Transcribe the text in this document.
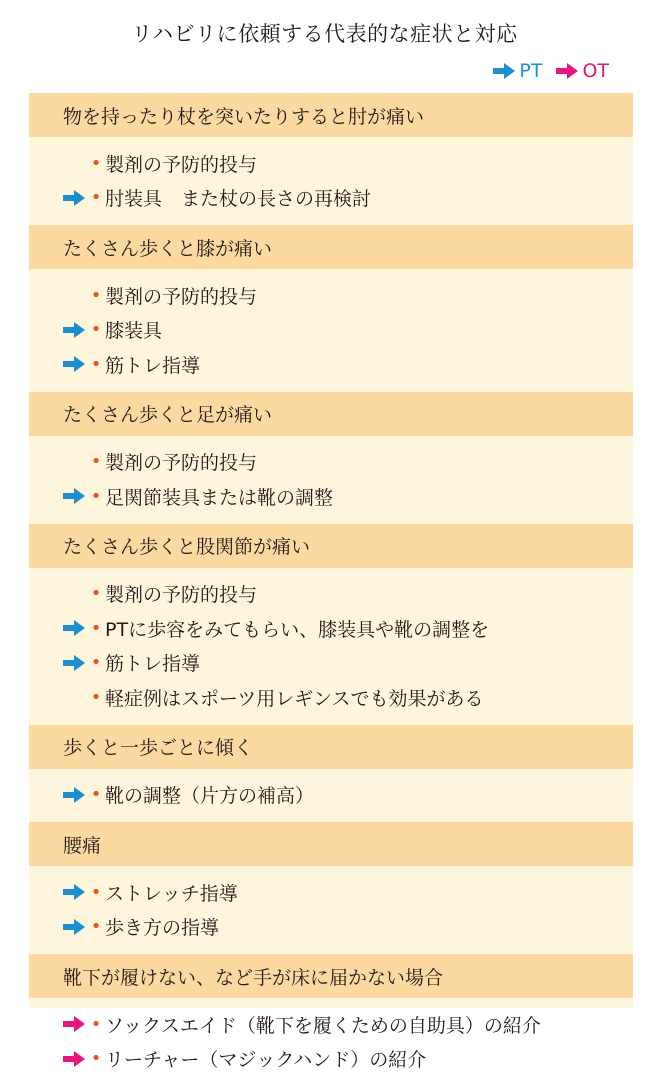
リハビリに依頼する代表的な症状と対応
PT OT
物を持ったり杖を突いたりすると肘が痛い
• 製剤の予防的投与
• 肘装具　また杖の長さの再検討
たくさん歩くと膝が痛い
• 製剤の予防的投与
• 膝装具
• 筋トレ指導
たくさん歩くと足が痛い
• 製剤の予防的投与
• 足関節装具または靴の調整
たくさん歩くと股関節が痛い
• 製剤の予防的投与
• PTに歩容をみてもらい、膝装具や靴の調整を
• 筋トレ指導
• 軽症例はスポーツ用レギンスでも効果がある
歩くと一歩ごとに傾く
• 靴の調整（片方の補高）
腰痛
• ストレッチ指導
• 歩き方の指導
靴下が履けない、など手が床に届かない場合
• ソックスエイド（靴下を履くための自助具）の紹介
• リーチャー（マジックハンド）の紹介
